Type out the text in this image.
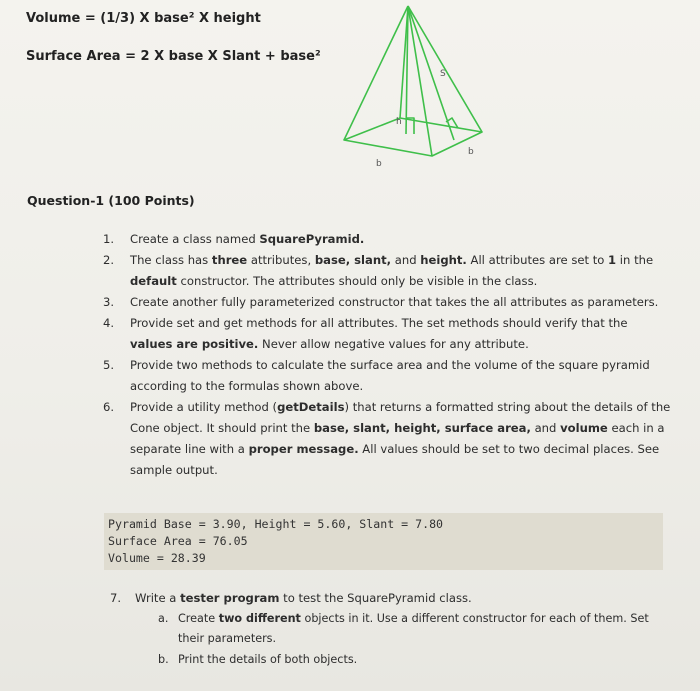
Volume = (1/3) X base² X height
Surface Area = 2 X base X Slant + base²
h
S
b
b
Question-1 (100 Points)
1. Create a class named SquarePyramid.
2. The class has three attributes, base, slant, and height. All attributes are set to 1 in the default constructor. The attributes should only be visible in the class.
3. Create another fully parameterized constructor that takes the all attributes as parameters.
4. Provide set and get methods for all attributes. The set methods should verify that the values are positive. Never allow negative values for any attribute.
5. Provide two methods to calculate the surface area and the volume of the square pyramid according to the formulas shown above.
6. Provide a utility method (getDetails) that returns a formatted string about the details of the Cone object. It should print the base, slant, height, surface area, and volume each in a separate line with a proper message. All values should be set to two decimal places. See sample output.
Pyramid Base = 3.90, Height = 5.60, Slant = 7.80
Surface Area = 76.05
Volume = 28.39
7. Write a tester program to test the SquarePyramid class.
a. Create two different objects in it. Use a different constructor for each of them. Set their parameters.
b. Print the details of both objects.
